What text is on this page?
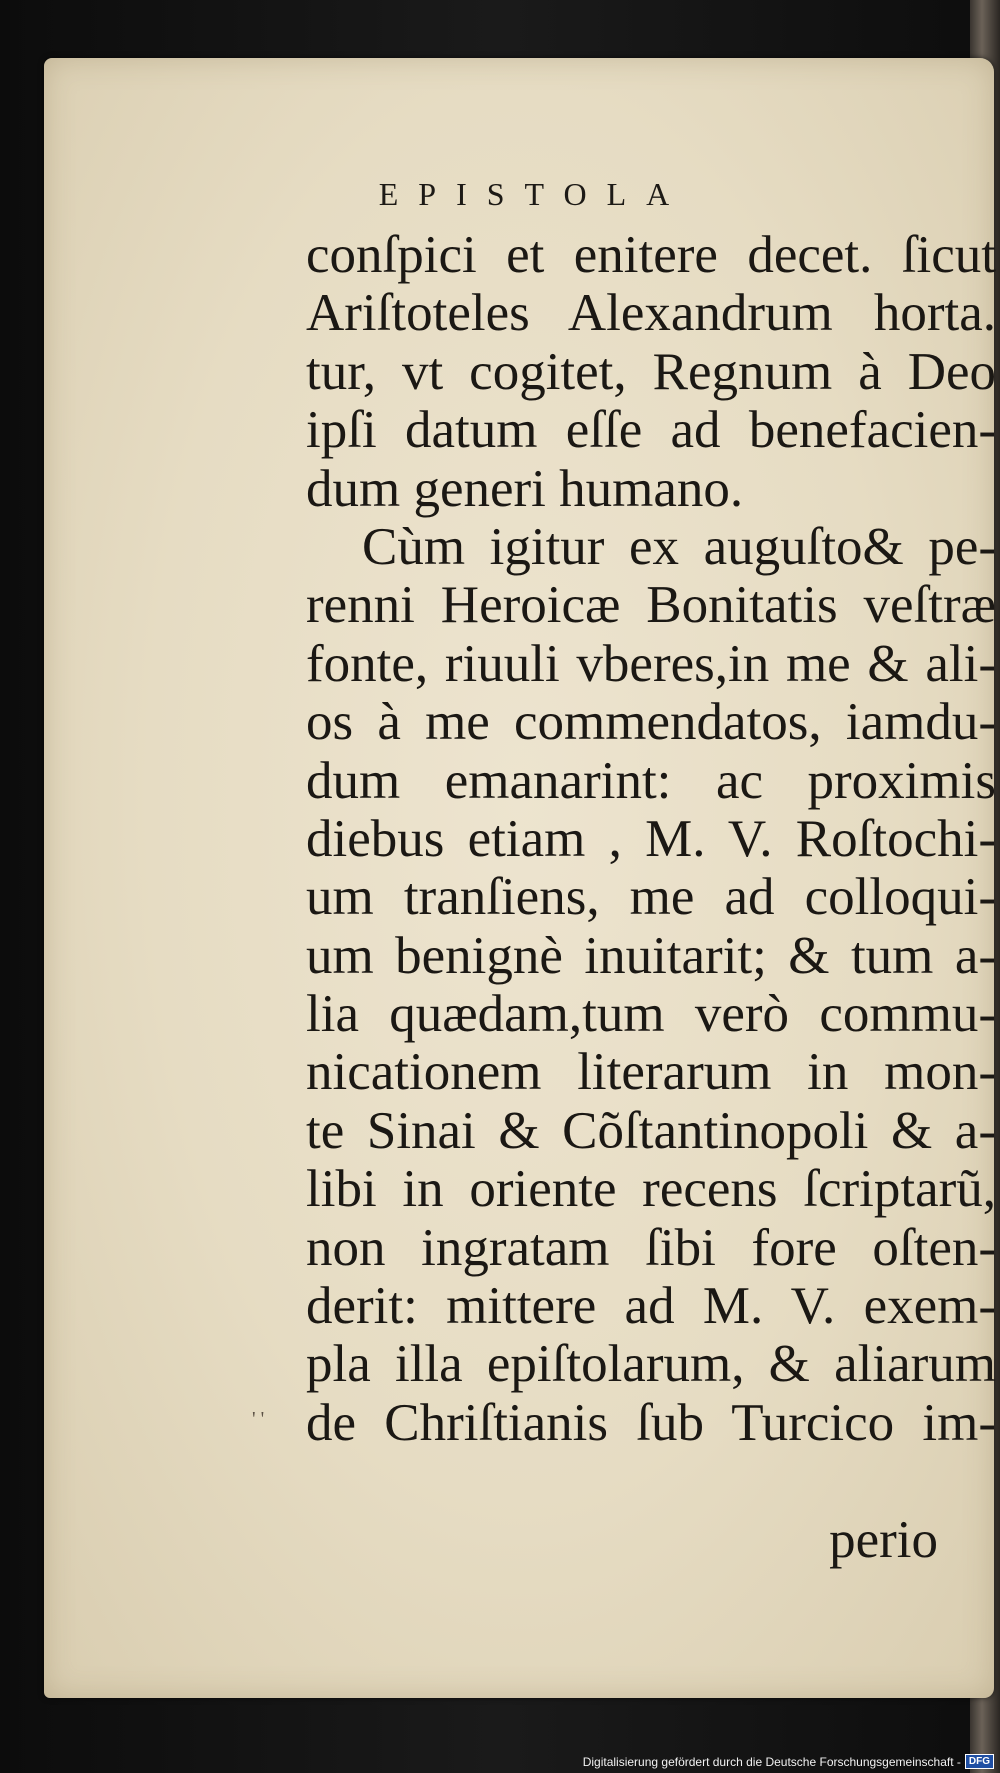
EPISTOLA
conſpici et enitere decet. ſicut
Ariſtoteles Alexandrum horta.
tur, vt cogitet, Regnum à Deo
ipſi datum eſſe ad benefacien-
dum generi humano.
Cùm igitur ex auguſto& pe-
renni Heroicæ Bonitatis veſtræ
fonte, riuuli vberes,in me & ali-
os à me commendatos, iamdu-
dum emanarint: ac proximis
diebus etiam , M. V. Roſtochi-
um tranſiens, me ad colloqui-
um benignè inuitarit; & tum a-
lia quædam,tum verò commu-
nicationem literarum in mon-
te Sinai & Cõſtantinopoli & a-
libi in oriente recens ſcriptarũ,
non ingratam ſibi fore oſten-
derit: mittere ad M. V. exem-
pla illa epiſtolarum, & aliarum
de Chriſtianis ſub Turcico im-
perio
' '
Digitalisierung gefördert durch die Deutsche Forschungsgemeinschaft - DFG
